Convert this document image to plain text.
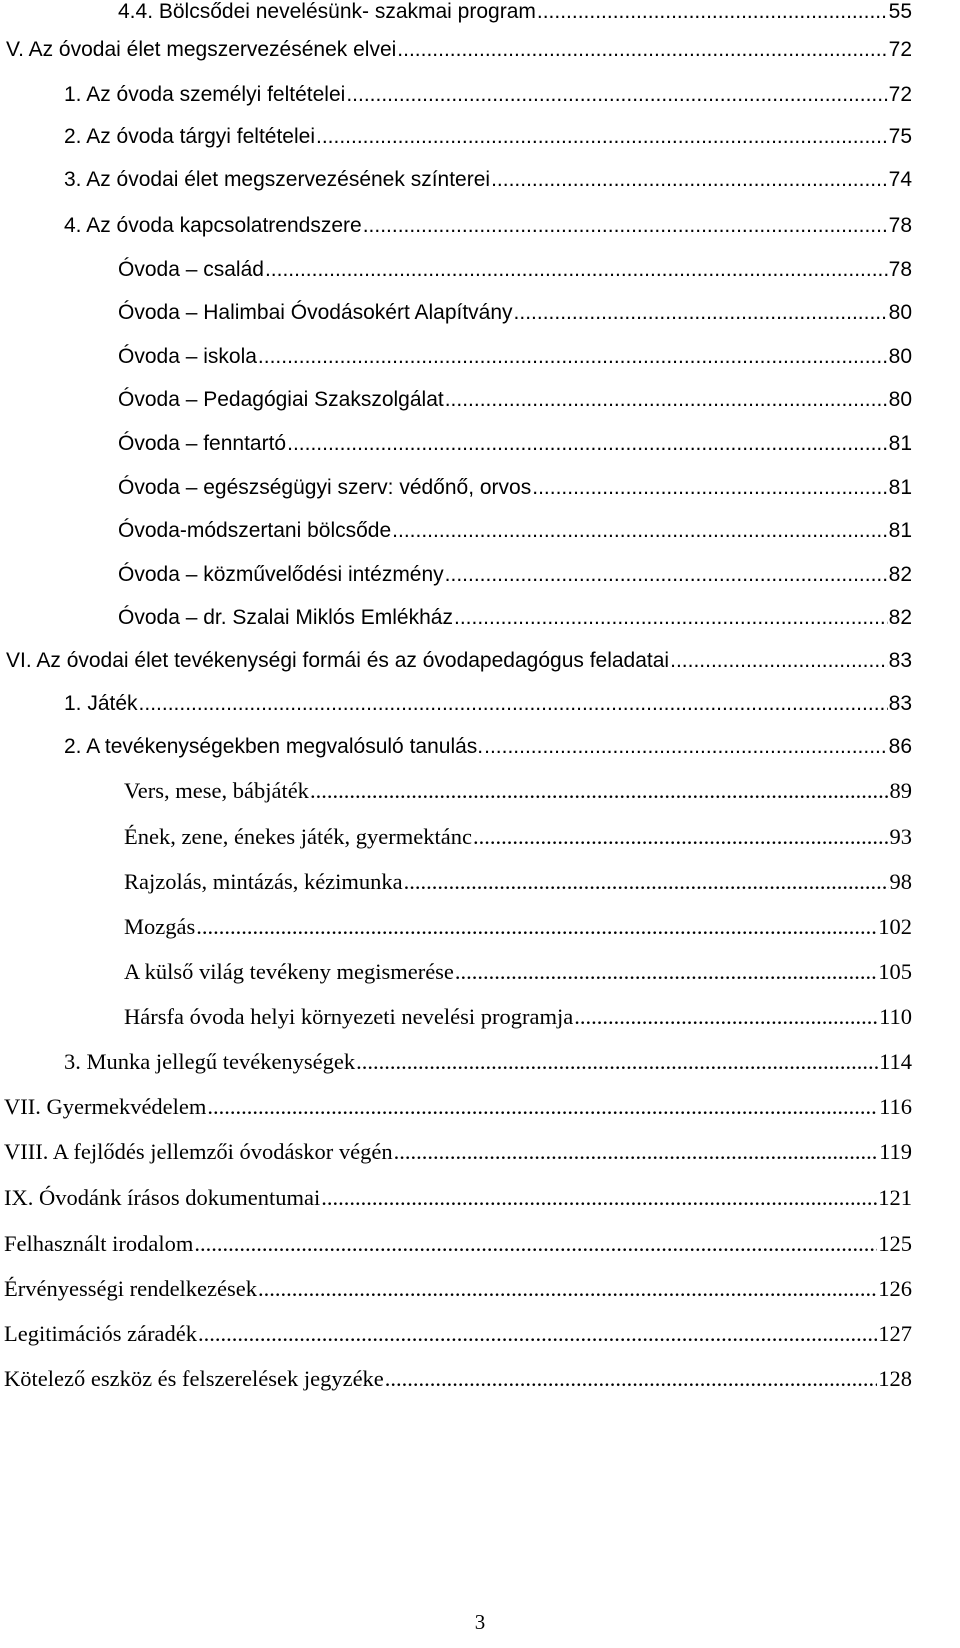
4.4. Bölcsődei nevelésünk- szakmai program .....	55
V. Az óvodai élet megszervezésének elvei .....	72
1. Az óvoda személyi feltételei .....	72
2. Az óvoda tárgyi feltételei .....	75
3. Az óvodai élet megszervezésének színterei .....	74
4. Az óvoda kapcsolatrendszere .....	78
Óvoda – család .....	78
Óvoda – Halimbai Óvodásokért Alapítvány .....	80
Óvoda – iskola .....	80
Óvoda – Pedagógiai Szakszolgálat .....	80
Óvoda – fenntartó .....	81
Óvoda – egészségügyi szerv: védőnő, orvos .....	81
Óvoda-módszertani bölcsőde .....	81
Óvoda – közművelődési intézmény .....	82
Óvoda – dr. Szalai Miklós Emlékház .....	82
VI. Az óvodai élet tevékenységi formái és az óvodapedagógus feladatai .....	83
1. Játék .....	83
2. A tevékenységekben megvalósuló tanulás. .....	86
Vers, mese, bábjáték .....	89
Ének, zene, énekes játék, gyermektánc .....	93
Rajzolás, mintázás, kézimunka .....	98
Mozgás .....	102
A külső világ tevékeny megismerése .....	105
Hársfa óvoda helyi környezeti nevelési programja .....	110
3. Munka jellegű tevékenységek .....	114
VII. Gyermekvédelem .....	116
VIII. A fejlődés jellemzői óvodáskor végén .....	119
IX. Óvodánk írásos dokumentumai .....	121
Felhasznált irodalom .....	125
Érvényességi rendelkezések .....	126
Legitimációs záradék .....	127
Kötelező eszköz és felszerelések jegyzéke .....	128
3
